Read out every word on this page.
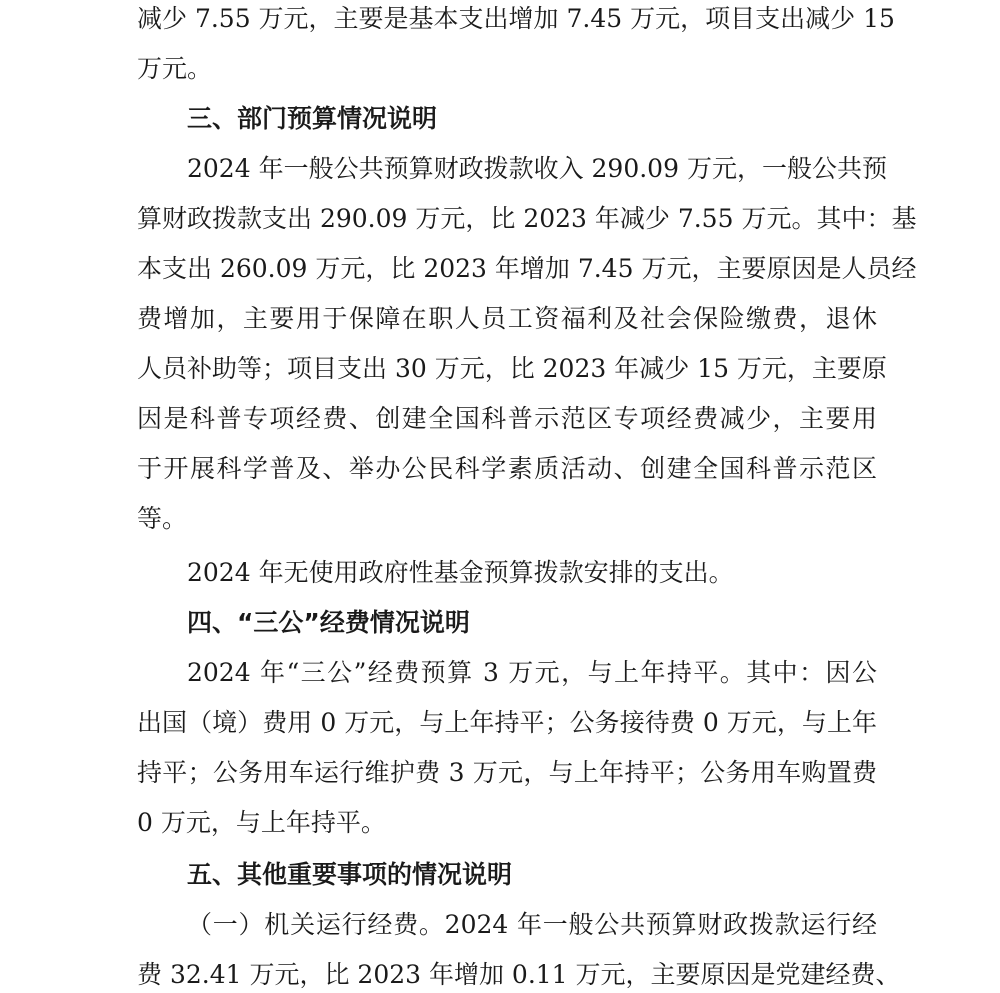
减少 7.55 万元，主要是基本支出增加 7.45 万元，项目支出减少 15
万元。
三、部门预算情况说明
2024 年一般公共预算财政拨款收入 290.09 万元，一般公共预
算财政拨款支出 290.09 万元，比 2023 年减少 7.55 万元。其中：基
本支出 260.09 万元，比 2023 年增加 7.45 万元，主要原因是人员经
费增加，主要用于保障在职人员工资福利及社会保险缴费，退休
人员补助等；项目支出 30 万元，比 2023 年减少 15 万元，主要原
因是科普专项经费、创建全国科普示范区专项经费减少，主要用
于开展科学普及、举办公民科学素质活动、创建全国科普示范区
等。
2024 年无使用政府性基金预算拨款安排的支出。
四、“三公”经费情况说明
2024 年“三公”经费预算 3 万元，与上年持平。其中：因公
出国（境）费用 0 万元，与上年持平；公务接待费 0 万元，与上年
持平；公务用车运行维护费 3 万元，与上年持平；公务用车购置费
0 万元，与上年持平。
五、其他重要事项的情况说明
（一）机关运行经费。2024 年一般公共预算财政拨款运行经
费 32.41 万元，比 2023 年增加 0.11 万元，主要原因是党建经费、
